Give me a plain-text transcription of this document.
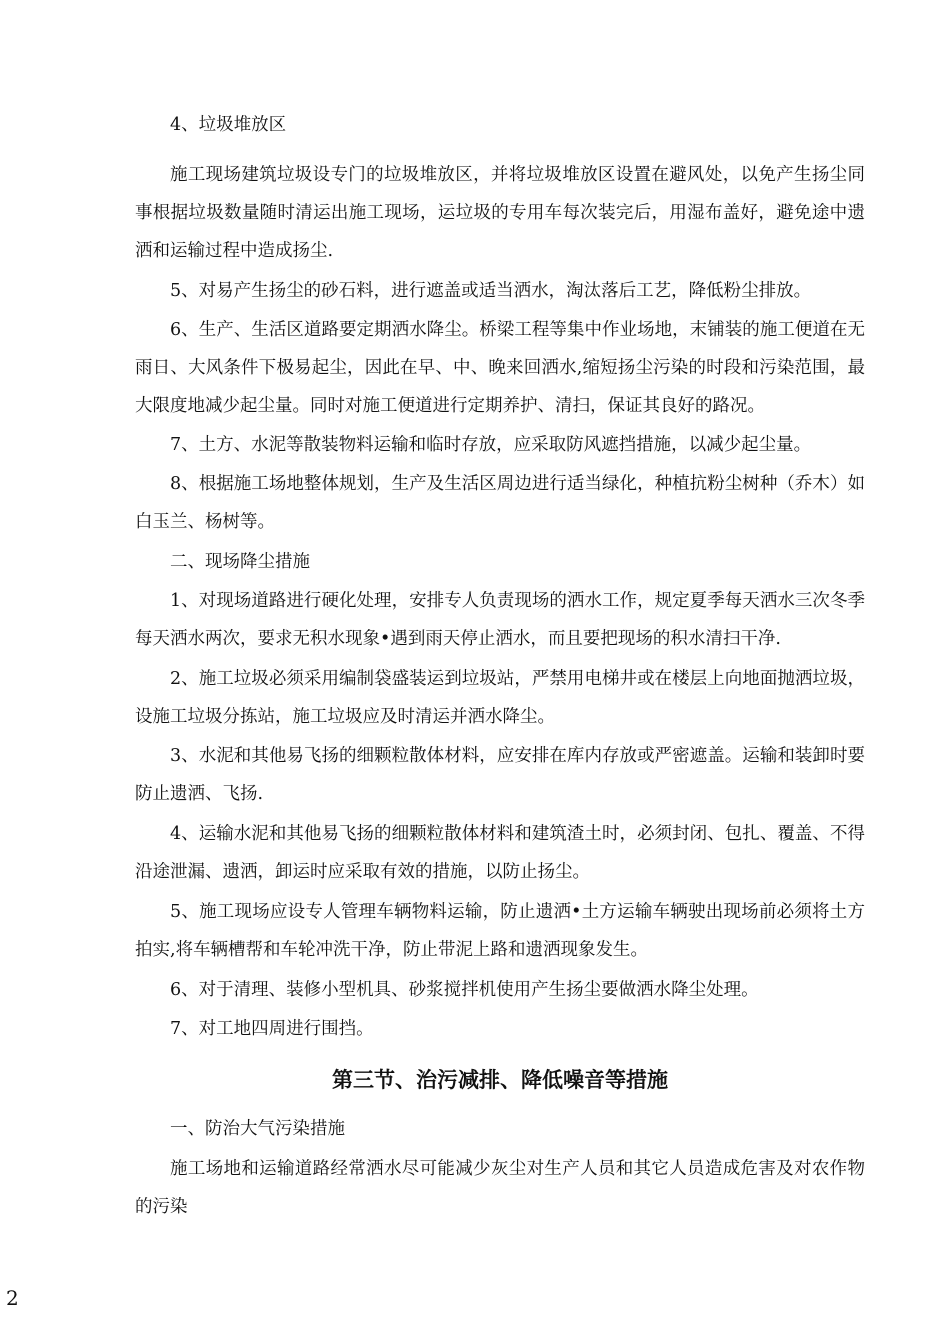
4、垃圾堆放区

施工现场建筑垃圾设专门的垃圾堆放区，并将垃圾堆放区设置在避风处，以免产生扬尘同事根据垃圾数量随时清运出施工现场，运垃圾的专用车每次装完后，用湿布盖好，避免途中遗洒和运输过程中造成扬尘.

5、对易产生扬尘的砂石料，进行遮盖或适当洒水，淘汰落后工艺，降低粉尘排放。

6、生产、生活区道路要定期洒水降尘。桥梁工程等集中作业场地，末铺装的施工便道在无雨日、大风条件下极易起尘，因此在早、中、晚来回洒水,缩短扬尘污染的时段和污染范围，最大限度地减少起尘量。同时对施工便道进行定期养护、清扫，保证其良好的路况。

7、土方、水泥等散装物料运输和临时存放，应采取防风遮挡措施，以减少起尘量。

8、根据施工场地整体规划，生产及生活区周边进行适当绿化，种植抗粉尘树种（乔木）如白玉兰、杨树等。

二、现场降尘措施

1、对现场道路进行硬化处理，安排专人负责现场的洒水工作，规定夏季每天洒水三次冬季每天洒水两次，要求无积水现象•遇到雨天停止洒水，而且要把现场的积水清扫干净.

2、施工垃圾必须采用编制袋盛装运到垃圾站，严禁用电梯井或在楼层上向地面抛洒垃圾，设施工垃圾分拣站，施工垃圾应及时清运并洒水降尘。

3、水泥和其他易飞扬的细颗粒散体材料，应安排在库内存放或严密遮盖。运输和装卸时要防止遗洒、飞扬.

4、运输水泥和其他易飞扬的细颗粒散体材料和建筑渣土时，必须封闭、包扎、覆盖、不得沿途泄漏、遗洒，卸运时应采取有效的措施，以防止扬尘。

5、施工现场应设专人管理车辆物料运输，防止遗洒•土方运输车辆驶出现场前必须将土方拍实,将车辆槽帮和车轮冲洗干净，防止带泥上路和遗洒现象发生。

6、对于清理、装修小型机具、砂浆搅拌机使用产生扬尘要做洒水降尘处理。

7、对工地四周进行围挡。

第三节、治污减排、降低噪音等措施

一、防治大气污染措施

施工场地和运输道路经常洒水尽可能减少灰尘对生产人员和其它人员造成危害及对农作物的污染

2
